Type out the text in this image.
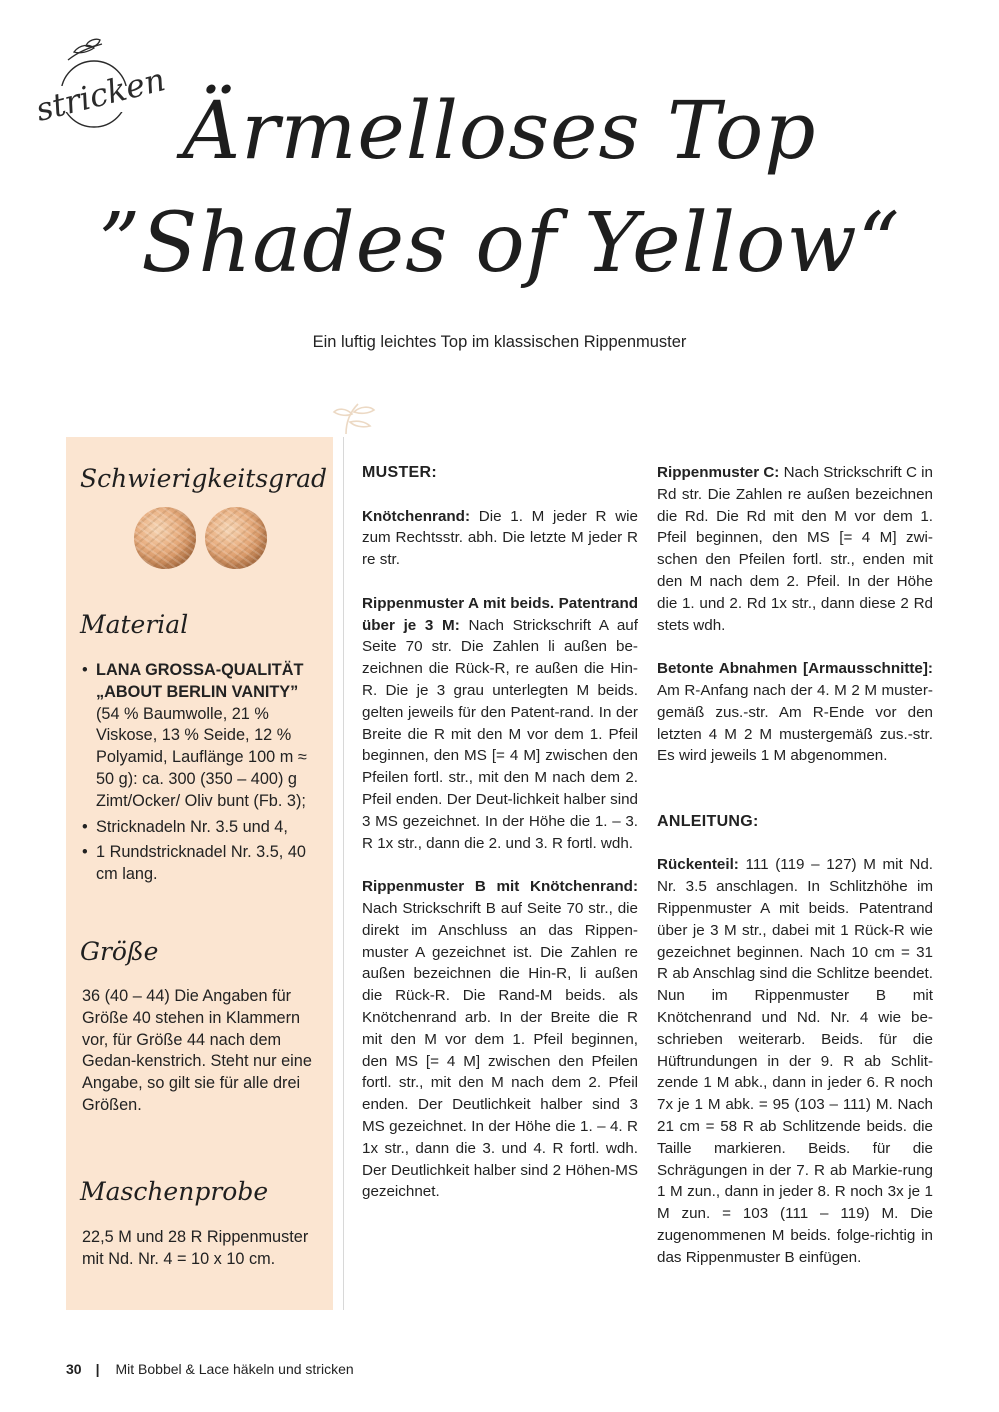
stricken Ärmelloses Top
”Shades of Yellow“
Ein luftig leichtes Top im klassischen Rippenmuster
Schwierigkeitsgrad
Material
• LANA GROSSA-QUALITÄT „ABOUT BERLIN VANITY” (54 % Baumwolle, 21 % Viskose, 13 % Seide, 12 % Polyamid, Lauflänge 100 m ≈ 50 g): ca. 300 (350 – 400) g Zimt/Ocker/ Oliv bunt (Fb. 3);
• Stricknadeln Nr. 3.5 und 4,
• 1 Rundstricknadel Nr. 3.5, 40 cm lang.
Größe
36 (40 – 44) Die Angaben für Größe 40 stehen in Klammern vor, für Größe 44 nach dem Gedan-kenstrich. Steht nur eine Angabe, so gilt sie für alle drei Größen.
Maschenprobe
22,5 M und 28 R Rippenmuster mit Nd. Nr. 4 = 10 x 10 cm.
MUSTER:

Knötchenrand: Die 1. M jeder R wie zum Rechtsstr. abh. Die letzte M jeder R re str.

Rippenmuster A mit beids. Patentrand über je 3 M: Nach Strickschrift A auf Seite 70 str. Die Zahlen li außen be-zeichnen die Rück-R, re außen die Hin-R. Die je 3 grau unterlegten M beids. gelten jeweils für den Patent-rand. In der Breite die R mit den M vor dem 1. Pfeil beginnen, den MS [= 4 M] zwischen den Pfeilen fortl. str., mit den M nach dem 2. Pfeil enden. Der Deut-lichkeit halber sind 3 MS gezeichnet. In der Höhe die 1. – 3. R 1x str., dann die 2. und 3. R fortl. wdh.

Rippenmuster B mit Knötchenrand: Nach Strickschrift B auf Seite 70 str., die direkt im Anschluss an das Rippen-muster A gezeichnet ist. Die Zahlen re außen bezeichnen die Hin-R, li außen die Rück-R. Die Rand-M beids. als Knötchenrand arb. In der Breite die R mit den M vor dem 1. Pfeil beginnen, den MS [= 4 M] zwischen den Pfeilen fortl. str., mit den M nach dem 2. Pfeil enden. Der Deutlichkeit halber sind 3 MS gezeichnet. In der Höhe die 1. – 4. R 1x str., dann die 3. und 4. R fortl. wdh. Der Deutlichkeit halber sind 2 Höhen-MS gezeichnet.

Rippenmuster C: Nach Strickschrift C in Rd str. Die Zahlen re außen bezeichnen die Rd. Die Rd mit den M vor dem 1. Pfeil beginnen, den MS [= 4 M] zwi-schen den Pfeilen fortl. str., enden mit den M nach dem 2. Pfeil. In der Höhe die 1. und 2. Rd 1x str., dann diese 2 Rd stets wdh.

Betonte Abnahmen [Armausschnitte]: Am R-Anfang nach der 4. M 2 M muster-gemäß zus.-str. Am R-Ende vor den letzten 4 M 2 M mustergemäß zus.-str. Es wird jeweils 1 M abgenommen.

ANLEITUNG:

Rückenteil: 111 (119 – 127) M mit Nd. Nr. 3.5 anschlagen. In Schlitzhöhe im Rippenmuster A mit beids. Patentrand über je 3 M str., dabei mit 1 Rück-R wie gezeichnet beginnen. Nach 10 cm = 31 R ab Anschlag sind die Schlitze beendet. Nun im Rippenmuster B mit Knötchenrand und Nd. Nr. 4 wie be-schrieben weiterarb. Beids. für die Hüftrundungen in der 9. R ab Schlit-zende 1 M abk., dann in jeder 6. R noch 7x je 1 M abk. = 95 (103 – 111) M. Nach 21 cm = 58 R ab Schlitzende beids. die Taille markieren. Beids. für die Schrägungen in der 7. R ab Markie-rung 1 M zun., dann in jeder 8. R noch 3x je 1 M zun. = 103 (111 – 119) M. Die zugenommenen M beids. folge-richtig in das Rippenmuster B einfügen.

30 | Mit Bobbel & Lace häkeln und stricken
